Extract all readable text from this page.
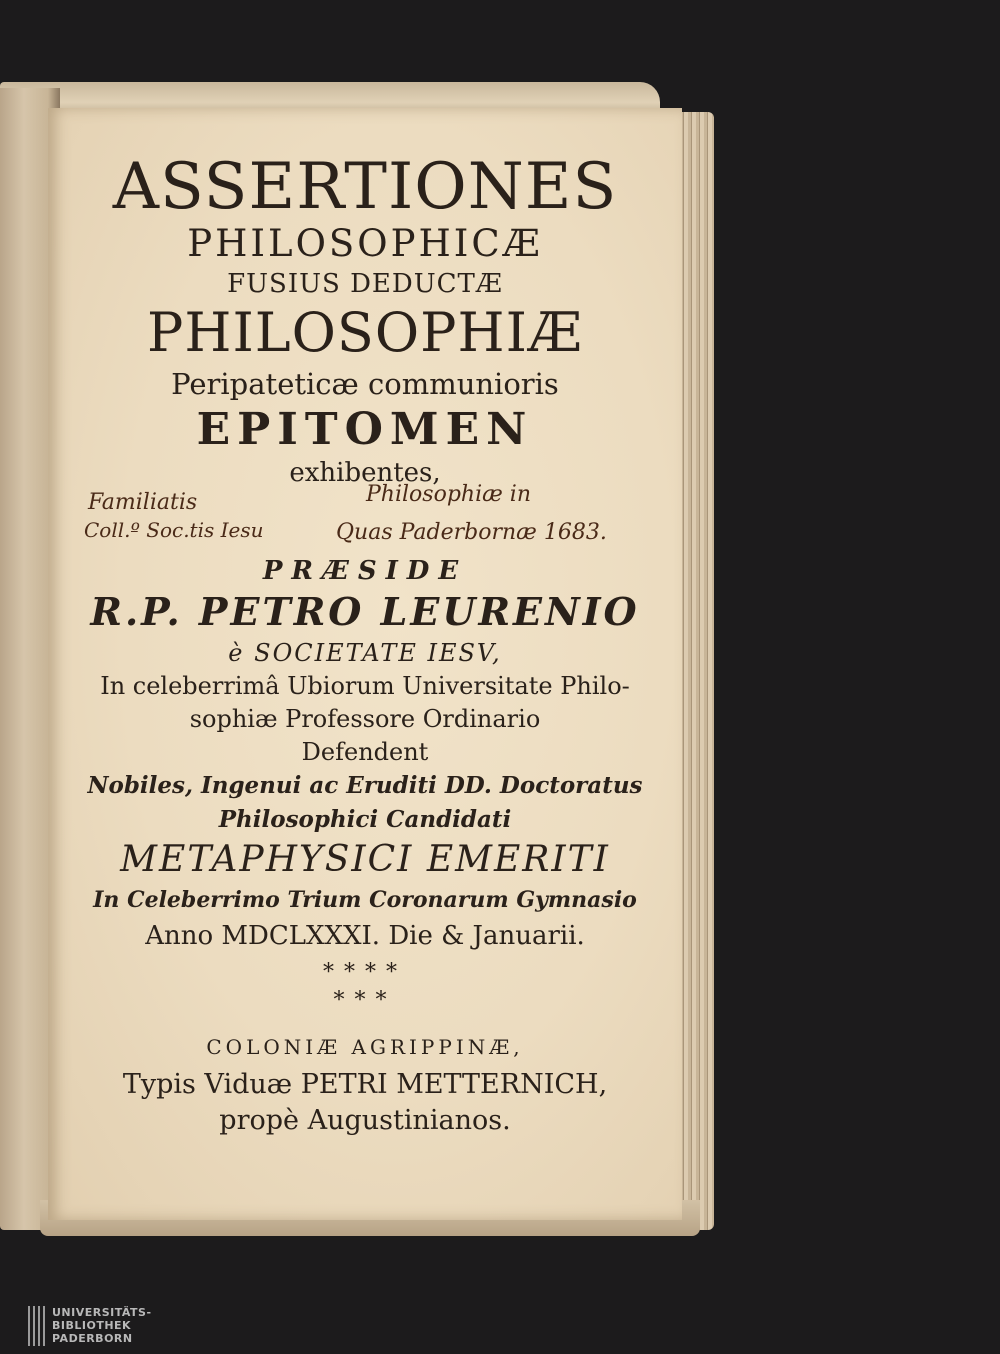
ASSERTIONES
PHILOSOPHICÆ
FUSIUS DEDUCTÆ
PHILOSOPHIÆ
Peripateticæ communioris
EPITOMEN
exhibentes,
Familiatis	Philosophiæ in
Coll.º Soc.tis Iesu	Quas Paderbornæ 1683.
PRÆSIDE
R.P. PETRO LEURENIO
è SOCIETATE IESV,
In celeberrimâ Ubiorum Universitate Philo-
sophiæ Professore Ordinario
Defendent
Nobiles, Ingenui ac Eruditi DD. Doctoratus
Philosophici Candidati
METAPHYSICI EMERITI
In Celeberrimo Trium Coronarum Gymnasio
Anno MDCLXXXI. Die & Januarii.
****
***
COLONIÆ AGRIPPINÆ,
Typis Viduæ PETRI METTERNICH,
propè Augustinianos.
UNIVERSITÄTS-
BIBLIOTHEK
PADERBORN
